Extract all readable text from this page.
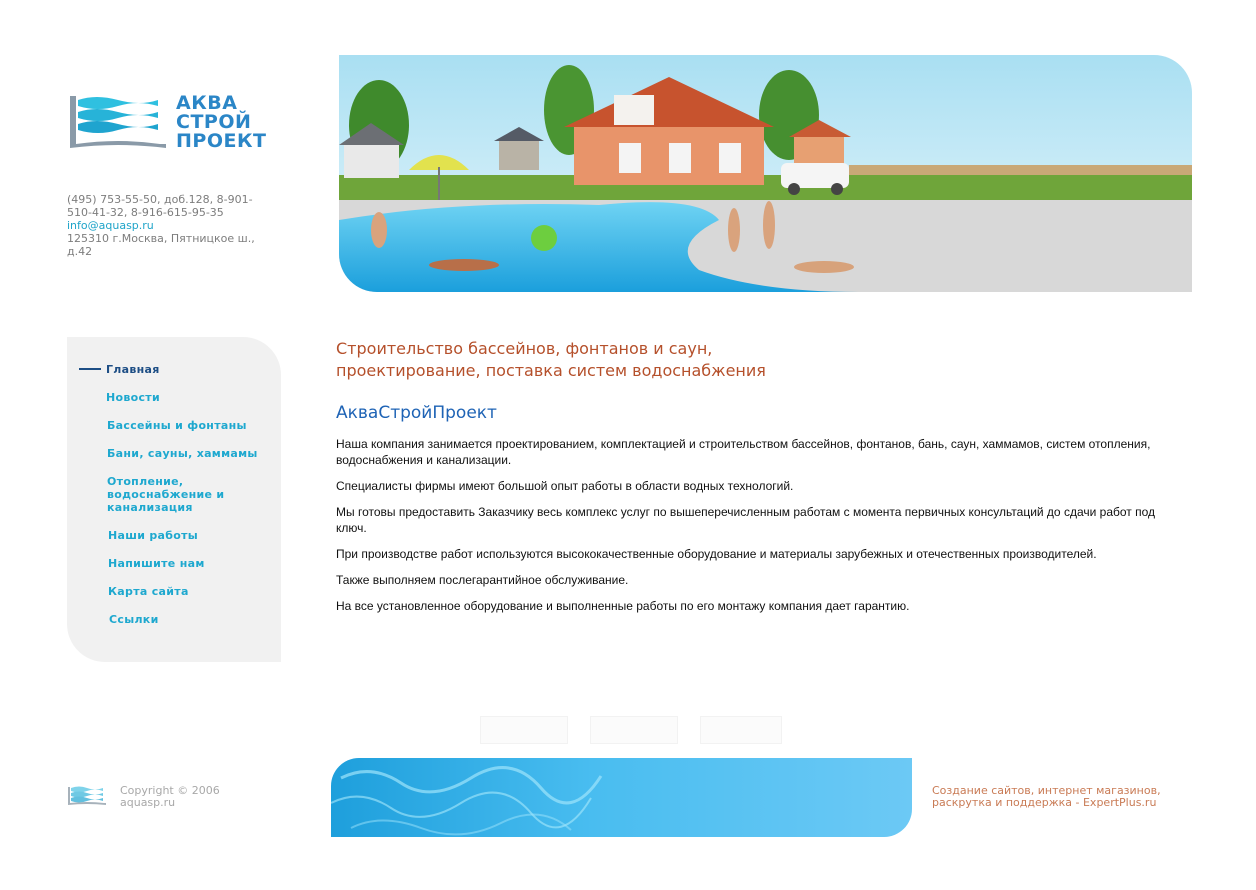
АКВА
СТРОЙ
ПРОЕКТ
(495) 753-55-50, доб.128, 8-901-510-41-32, 8-916-615-95-35
info@aquasp.ru
125310 г.Москва, Пятницкое ш., д.42
Главная
Новости
Бассейны и фонтаны
Бани, сауны, хаммамы
Отопление, водоснабжение и канализация
Наши работы
Напишите нам
Карта сайта
Ссылки
Строительство бассейнов, фонтанов и саун, проектирование, поставка систем водоснабжения
АкваСтройПроект

Наша компания занимается проектированием, комплектацией и строительством бассейнов, фонтанов, бань, саун, хаммамов, систем отопления, водоснабжения и канализации.

Специалисты фирмы имеют большой опыт работы в области водных технологий.

Мы готовы предоставить Заказчику весь комплекс услуг по вышеперечисленным работам с момента первичных консультаций до сдачи работ под ключ.

При производстве работ используются высококачественные оборудование и материалы зарубежных и отечественных производителей.

Также выполняем послегарантийное обслуживание.

На все установленное оборудование и выполненные работы по его монтажу компания дает гарантию.

Copyright © 2006
aquasp.ru
Создание сайтов, интернет магазинов,
раскрутка и поддержка - ExpertPlus.ru
